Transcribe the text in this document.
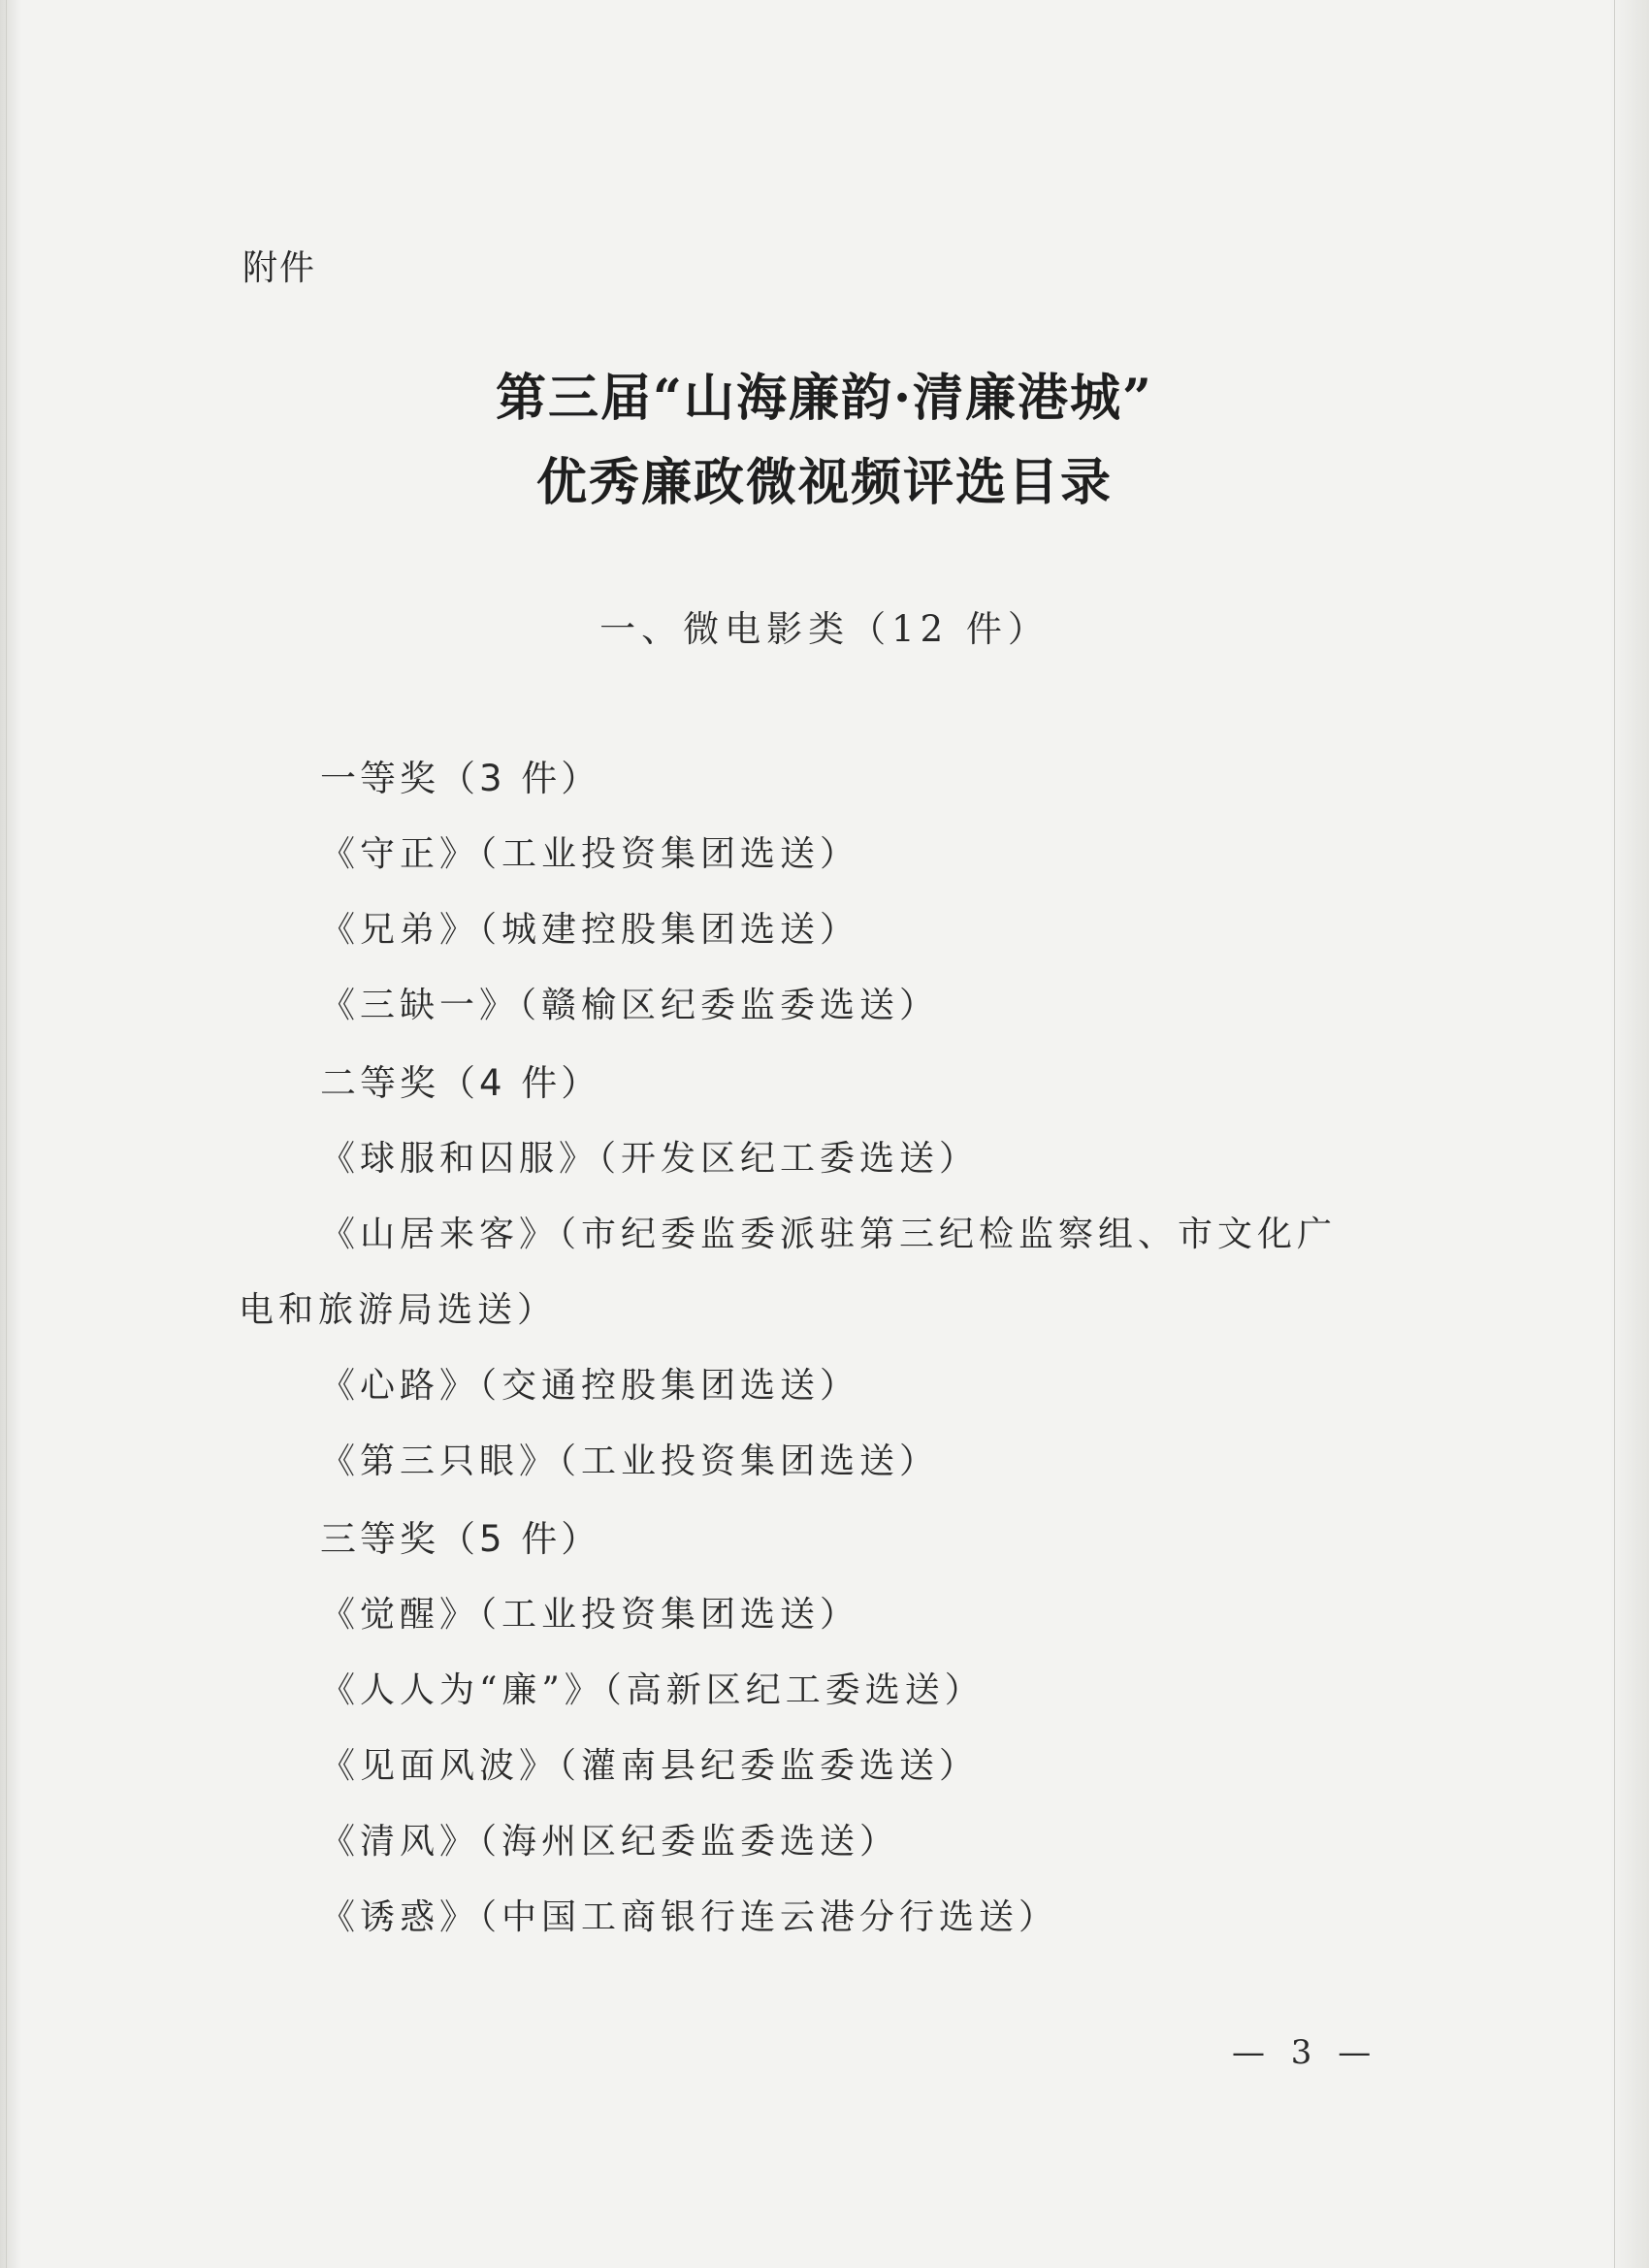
附件
第三届“山海廉韵·清廉港城”
优秀廉政微视频评选目录
一、微电影类（12 件）
一等奖（3 件）
《守正》（工业投资集团选送）
《兄弟》（城建控股集团选送）
《三缺一》（赣榆区纪委监委选送）
二等奖（4 件）
《球服和囚服》（开发区纪工委选送）
《山居来客》（市纪委监委派驻第三纪检监察组、市文化广
电和旅游局选送）
《心路》（交通控股集团选送）
《第三只眼》（工业投资集团选送）
三等奖（5 件）
《觉醒》（工业投资集团选送）
《人人为“廉”》（高新区纪工委选送）
《见面风波》（灌南县纪委监委选送）
《清风》（海州区纪委监委选送）
《诱惑》（中国工商银行连云港分行选送）
— 3 —
